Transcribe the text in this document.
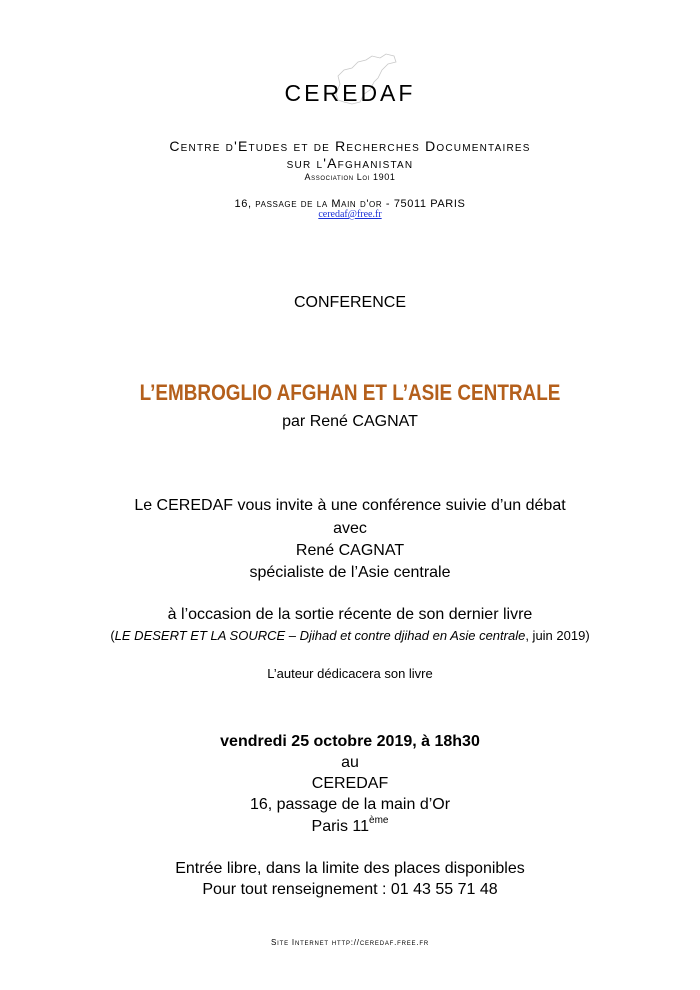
CEREDAF
Centre d'Etudes et de Recherches Documentaires
sur l'Afghanistan
Association Loi 1901
16, passage de la Main d'or - 75011 PARIS
ceredaf@free.fr
CONFERENCE
L’EMBROGLIO AFGHAN ET L’ASIE CENTRALE
par René CAGNAT
Le CEREDAF vous invite à une conférence suivie d’un débat
avec
René CAGNAT
spécialiste de l’Asie centrale
à l’occasion de la sortie récente de son dernier livre
(LE DESERT ET LA SOURCE – Djihad et contre djihad en Asie centrale, juin 2019)
L’auteur dédicacera son livre
vendredi 25 octobre 2019, à 18h30
au
CEREDAF
16, passage de la main d’Or
Paris 11ème
Entrée libre, dans la limite des places disponibles
Pour tout renseignement : 01 43 55 71 48
Site Internet http://ceredaf.free.fr
